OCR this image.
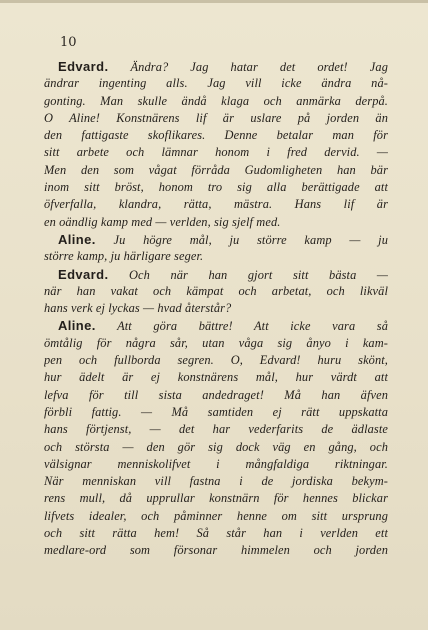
10
Edvard. Ändra? Jag hatar det ordet! Jag
ändrar ingenting alls. Jag vill icke ändra nå-
gonting. Man skulle ändå klaga och anmärka derpå.
O Aline! Konstnärens lif är uslare på jorden än
den fattigaste skoflikares. Denne betalar man för
sitt arbete och lämnar honom i fred dervid. —
Men den som vågat förråda Gudomligheten han bär
inom sitt bröst, honom tro sig alla berättigade att
öfverfalla, klandra, rätta, mästra. Hans lif är
en oändlig kamp med — verlden, sig sjelf med.
Aline. Ju högre mål, ju större kamp — ju
större kamp, ju härligare seger.
Edvard. Och när han gjort sitt bästa —
när han vakat och kämpat och arbetat, och likväl
hans verk ej lyckas — hvad återstår?
Aline. Att göra bättre! Att icke vara så
ömtålig för några sår, utan våga sig ånyo i kam-
pen och fullborda segren. O, Edvard! huru skönt,
hur ädelt är ej konstnärens mål, hur värdt att
lefva för till sista andedraget! Må han äfven
förbli fattig. — Må samtiden ej rätt uppskatta
hans förtjenst, — det har vederfarits de ädlaste
och största — den gör sig dock väg en gång, och
välsignar menniskolifvet i mångfaldiga riktningar.
När menniskan vill fastna i de jordiska bekym-
rens mull, då upprullar konstnärn för hennes blickar
lifvets idealer, och påminner henne om sitt ursprung
och sitt rätta hem! Så står han i verlden ett
medlare-ord som försonar himmelen och jorden
